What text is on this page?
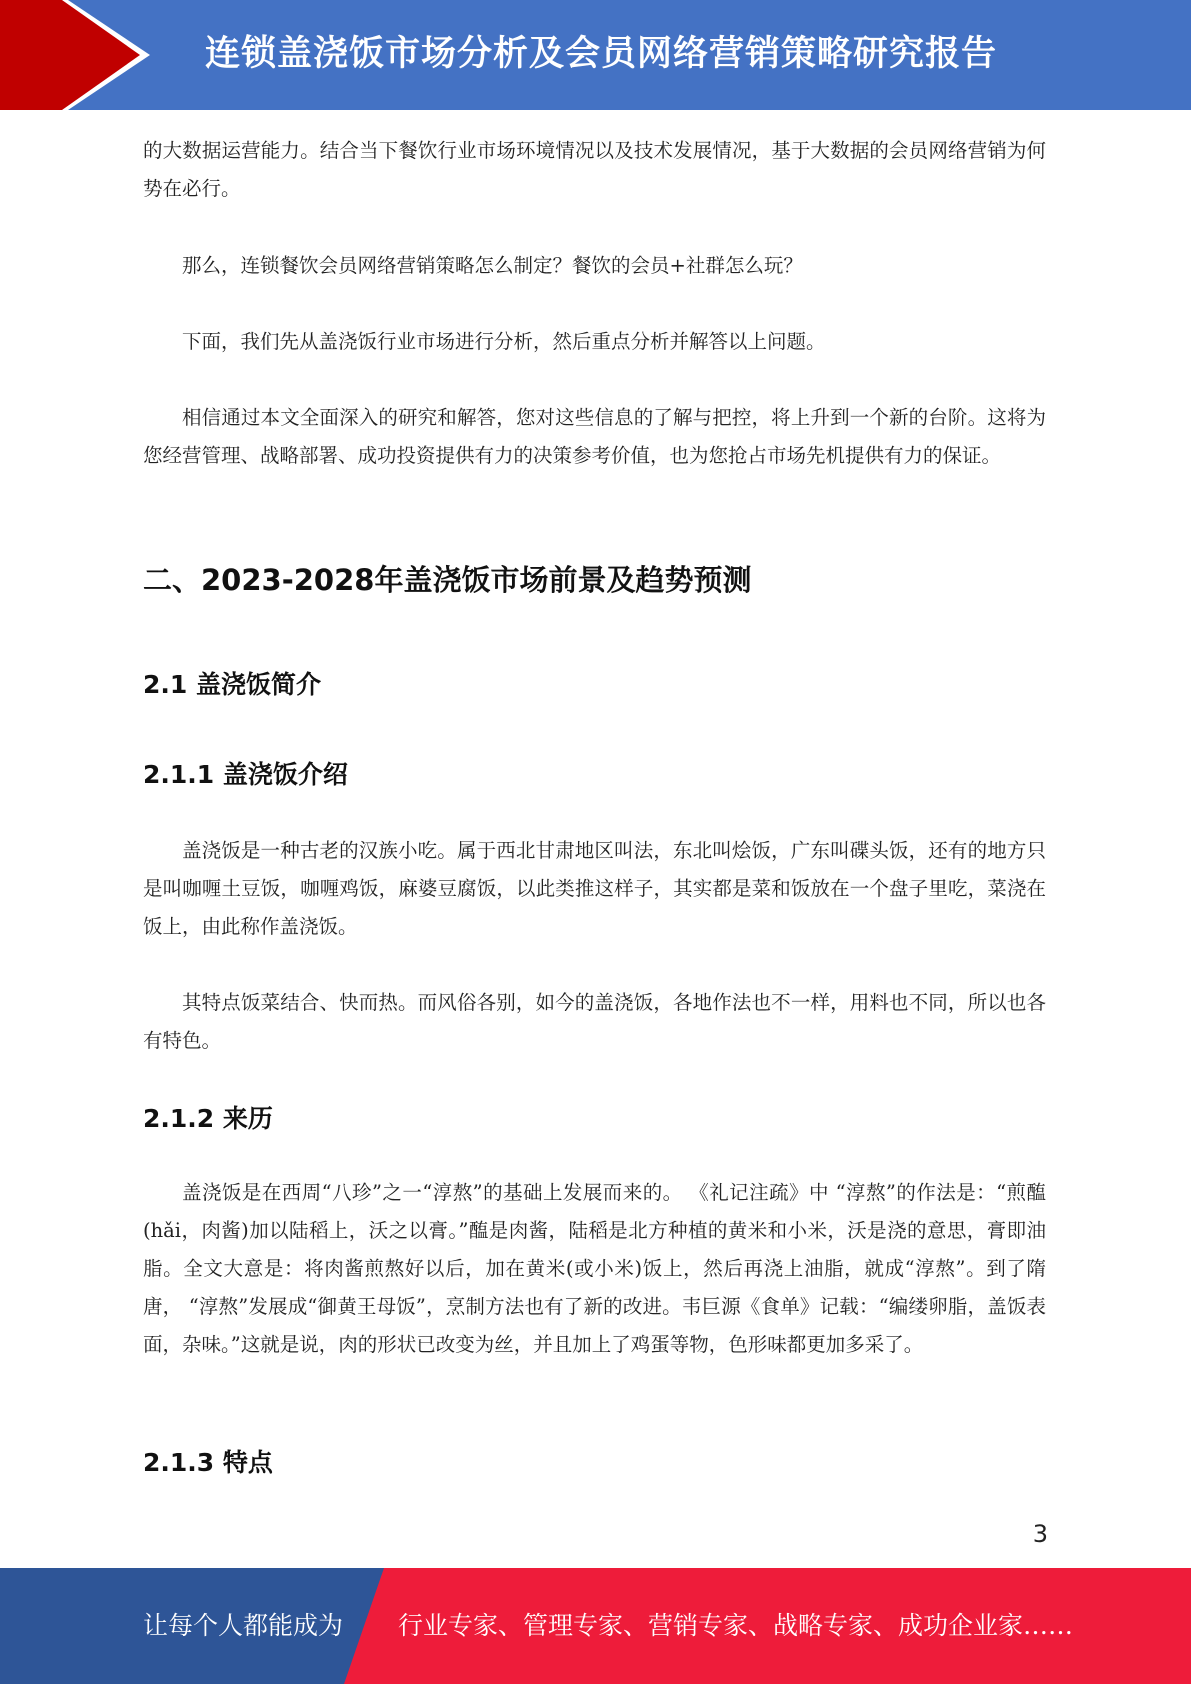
连锁盖浇饭市场分析及会员网络营销策略研究报告

的大数据运营能力。结合当下餐饮行业市场环境情况以及技术发展情况，基于大数据的会员网络营销为何势在必行。

那么，连锁餐饮会员网络营销策略怎么制定？餐饮的会员+社群怎么玩？

下面，我们先从盖浇饭行业市场进行分析，然后重点分析并解答以上问题。

相信通过本文全面深入的研究和解答，您对这些信息的了解与把控，将上升到一个新的台阶。这将为您经营管理、战略部署、成功投资提供有力的决策参考价值，也为您抢占市场先机提供有力的保证。

二、2023-2028年盖浇饭市场前景及趋势预测
2.1 盖浇饭简介
2.1.1 盖浇饭介绍

盖浇饭是一种古老的汉族小吃。属于西北甘肃地区叫法，东北叫烩饭，广东叫碟头饭，还有的地方只是叫咖喱土豆饭，咖喱鸡饭，麻婆豆腐饭，以此类推这样子，其实都是菜和饭放在一个盘子里吃，菜浇在饭上，由此称作盖浇饭。

其特点饭菜结合、快而热。而风俗各别，如今的盖浇饭，各地作法也不一样，用料也不同，所以也各有特色。

2.1.2 来历

盖浇饭是在西周“八珍”之一“淳熬”的基础上发展而来的。 《礼记注疏》中 “淳熬”的作法是：“煎醢(hǎi，肉酱)加以陆稻上，沃之以膏。”醢是肉酱，陆稻是北方种植的黄米和小米，沃是浇的意思，膏即油脂。全文大意是：将肉酱煎熬好以后，加在黄米(或小米)饭上，然后再浇上油脂，就成“淳熬”。到了隋唐， “淳熬”发展成“御黄王母饭”，烹制方法也有了新的改进。韦巨源《食单》记载：“编缕卵脂，盖饭表面，杂味。”这就是说，肉的形状已改变为丝，并且加上了鸡蛋等物，色形味都更加多采了。

2.1.3 特点
3
让每个人都能成为 行业专家、管理专家、营销专家、战略专家、成功企业家……
